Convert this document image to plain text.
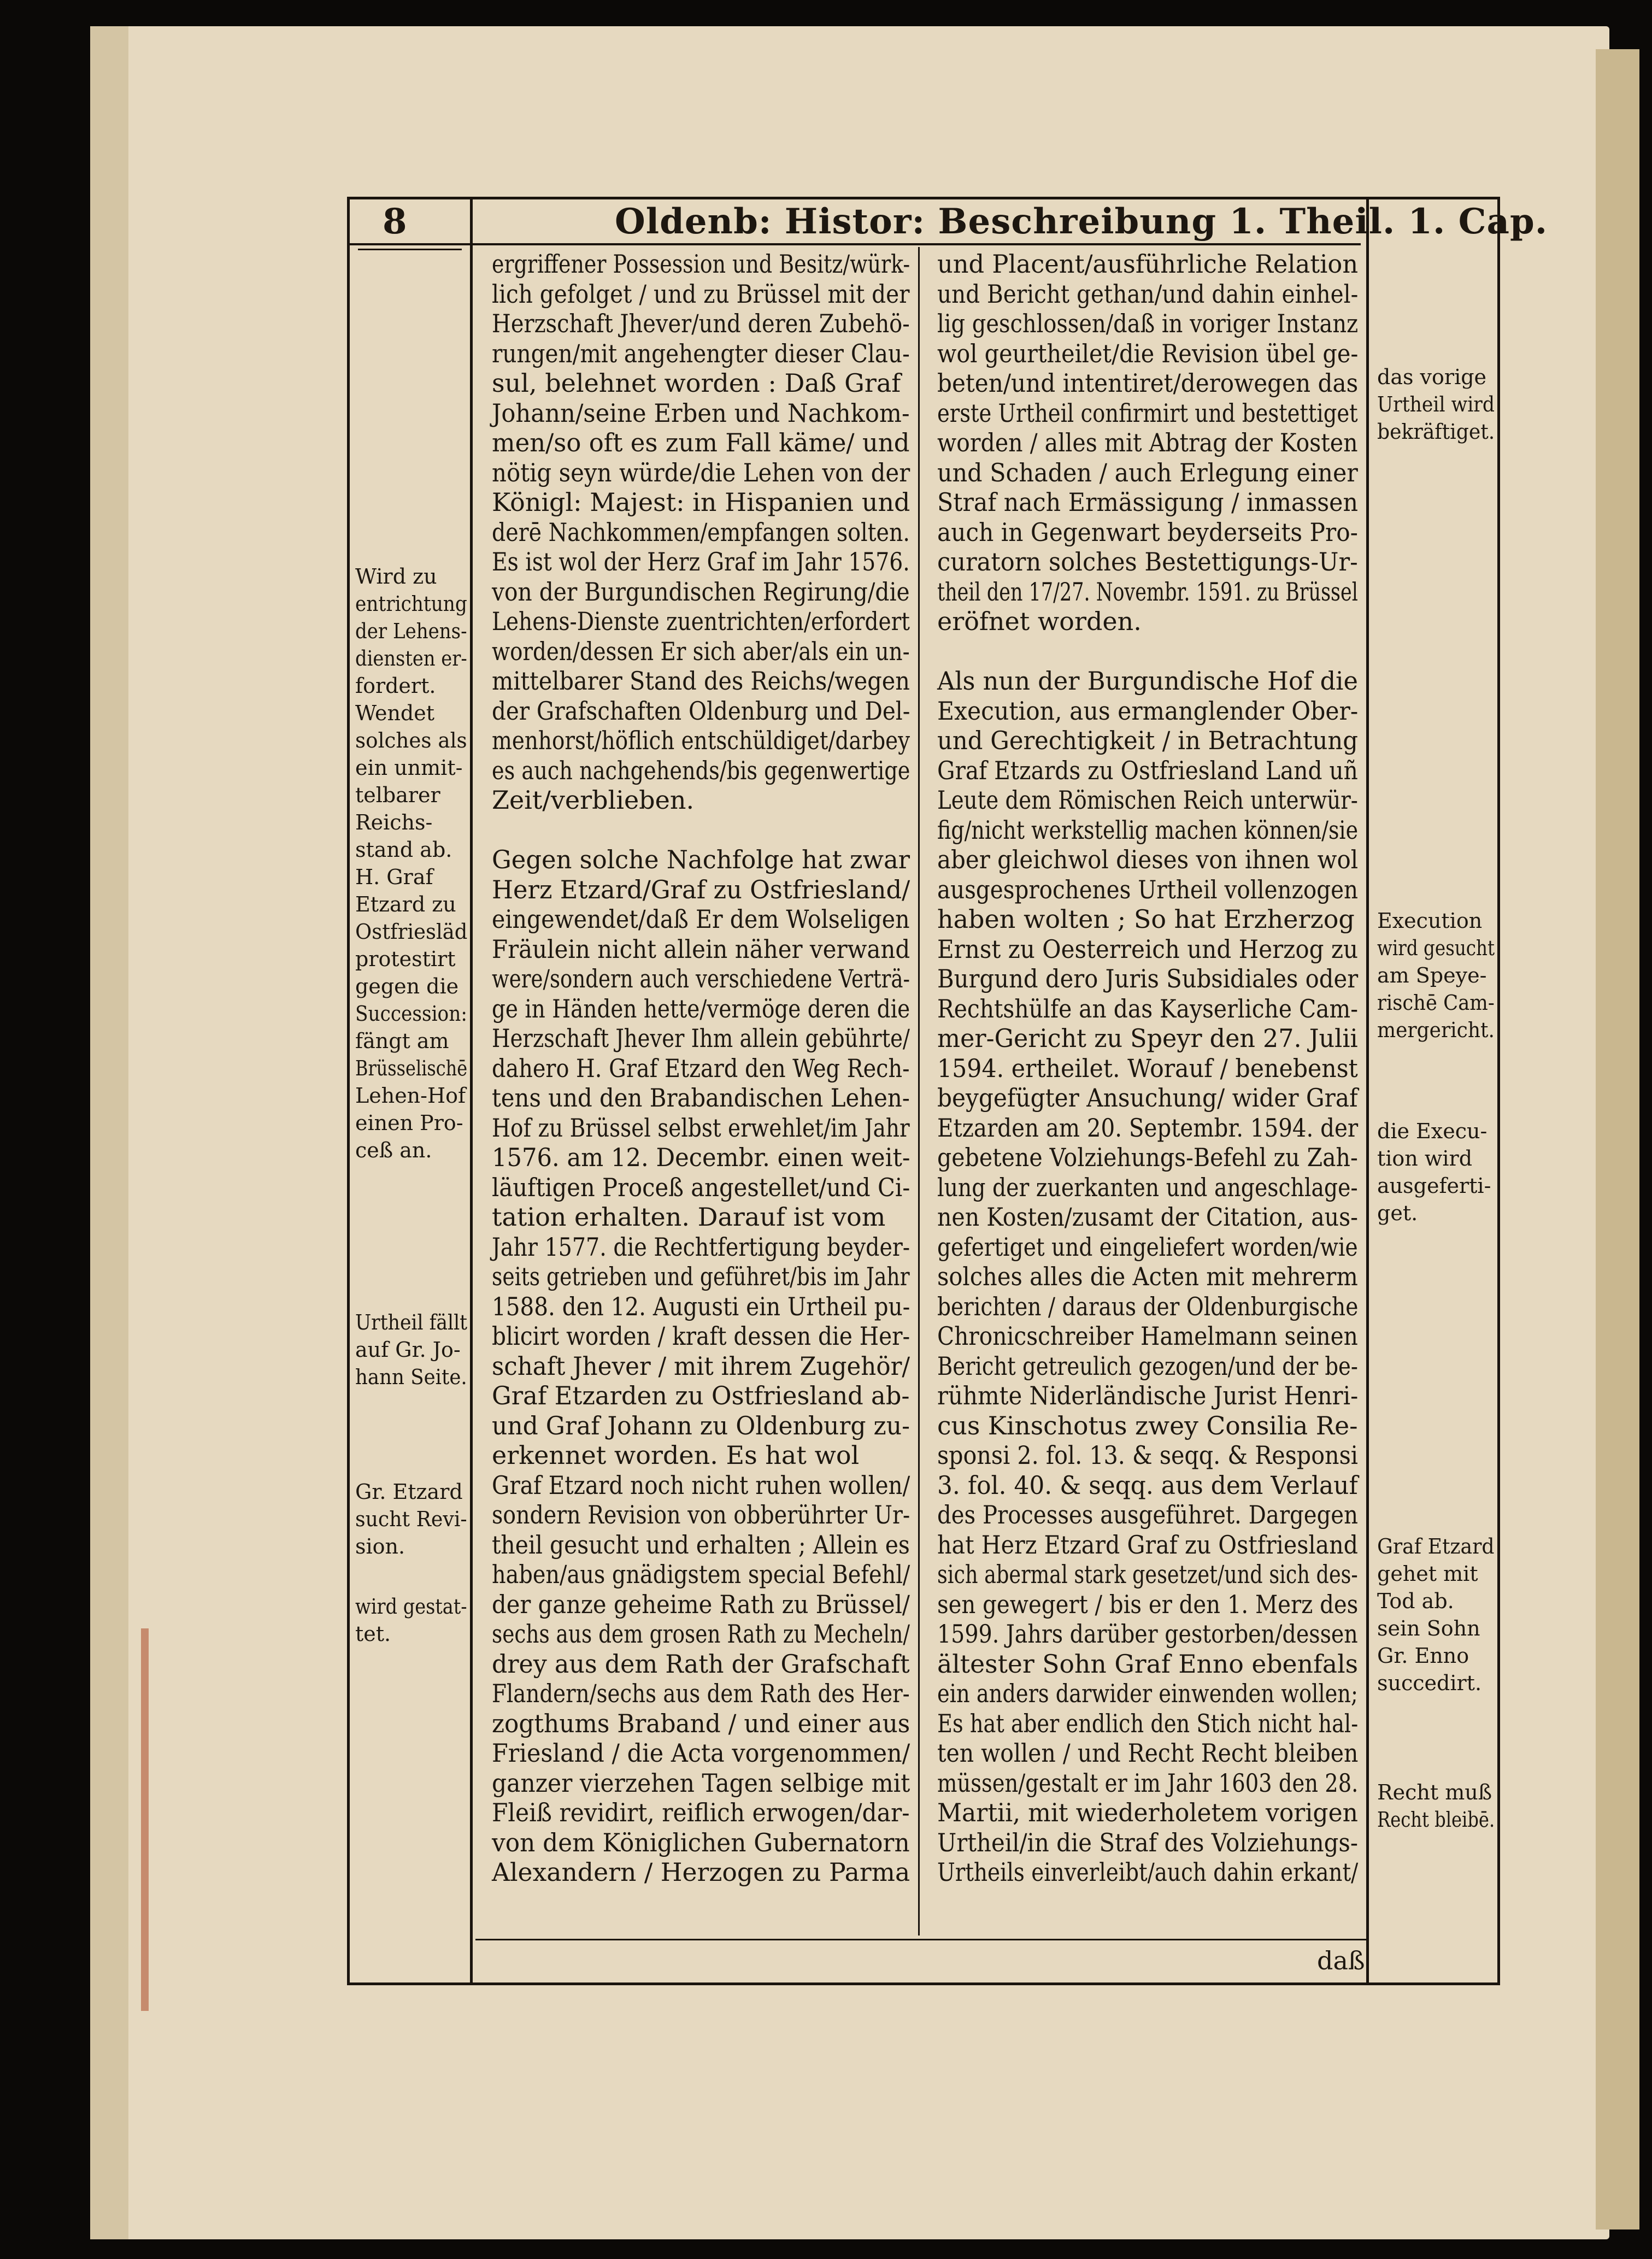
8	Oldenb: Histor: Beschreibung 1. Theil. 1. Cap.
ergriffener Possession und Besitz/würk-
lich gefolget / und zu Brüssel mit der
Herzschaft Jhever/und deren Zubehö-
rungen/mit angehengter dieser Clau-
sul, belehnet worden : Daß Graf
Johann/seine Erben und Nachkom-
men/so oft es zum Fall käme/ und
nötig seyn würde/die Lehen von der
Königl: Majest: in Hispanien und
derē Nachkommen/empfangen solten.
Es ist wol der Herz Graf im Jahr 1576.
von der Burgundischen Regirung/die
Lehens-Dienste zuentrichten/erfordert
worden/dessen Er sich aber/als ein un-
mittelbarer Stand des Reichs/wegen
der Grafschaften Oldenburg und Del-
menhorst/höflich entschüldiget/darbey
es auch nachgehends/bis gegenwertige
Zeit/verblieben.
Gegen solche Nachfolge hat zwar
Herz Etzard/Graf zu Ostfriesland/
eingewendet/daß Er dem Wolseligen
Fräulein nicht allein näher verwand
were/sondern auch verschiedene Verträ-
ge in Händen hette/vermöge deren die
Herzschaft Jhever Ihm allein gebührte/
dahero H. Graf Etzard den Weg Rech-
tens und den Brabandischen Lehen-
Hof zu Brüssel selbst erwehlet/im Jahr
1576. am 12. Decembr. einen weit-
läuftigen Proceß angestellet/und Ci-
tation erhalten. Darauf ist vom
Jahr 1577. die Rechtfertigung beyder-
seits getrieben und geführet/bis im Jahr
1588. den 12. Augusti ein Urtheil pu-
blicirt worden / kraft dessen die Her-
schaft Jhever / mit ihrem Zugehör/
Graf Etzarden zu Ostfriesland ab-
und Graf Johann zu Oldenburg zu-
erkennet worden. Es hat wol
Graf Etzard noch nicht ruhen wollen/
sondern Revision von obberührter Ur-
theil gesucht und erhalten ; Allein es
haben/aus gnädigstem special Befehl/
der ganze geheime Rath zu Brüssel/
sechs aus dem grosen Rath zu Mecheln/
drey aus dem Rath der Grafschaft
Flandern/sechs aus dem Rath des Her-
zogthums Braband / und einer aus
Friesland / die Acta vorgenommen/
ganzer vierzehen Tagen selbige mit
Fleiß revidirt, reiflich erwogen/dar-
von dem Königlichen Gubernatorn
Alexandern / Herzogen zu Parma
und Placent/ausführliche Relation
und Bericht gethan/und dahin einhel-
lig geschlossen/daß in voriger Instanz
wol geurtheilet/die Revision übel ge-
beten/und intentiret/derowegen das
erste Urtheil confirmirt und bestettiget
worden / alles mit Abtrag der Kosten
und Schaden / auch Erlegung einer
Straf nach Ermässigung / inmassen
auch in Gegenwart beyderseits Pro-
curatorn solches Bestettigungs-Ur-
theil den 17/27. Novembr. 1591. zu Brüssel
eröfnet worden.
Als nun der Burgundische Hof die
Execution, aus ermanglender Ober-
und Gerechtigkeit / in Betrachtung
Graf Etzards zu Ostfriesland Land uñ
Leute dem Römischen Reich unterwür-
fig/nicht werkstellig machen können/sie
aber gleichwol dieses von ihnen wol
ausgesprochenes Urtheil vollenzogen
haben wolten ; So hat Erzherzog
Ernst zu Oesterreich und Herzog zu
Burgund dero Juris Subsidiales oder
Rechtshülfe an das Kayserliche Cam-
mer-Gericht zu Speyr den 27. Julii
1594. ertheilet. Worauf / benebenst
beygefügter Ansuchung/ wider Graf
Etzarden am 20. Septembr. 1594. der
gebetene Volziehungs-Befehl zu Zah-
lung der zuerkanten und angeschlage-
nen Kosten/zusamt der Citation, aus-
gefertiget und eingeliefert worden/wie
solches alles die Acten mit mehrerm
berichten / daraus der Oldenburgische
Chronicschreiber Hamelmann seinen
Bericht getreulich gezogen/und der be-
rühmte Niderländische Jurist Henri-
cus Kinschotus zwey Consilia Re-
sponsi 2. fol. 13. & seqq. & Responsi
3. fol. 40. & seqq. aus dem Verlauf
des Processes ausgeführet. Dargegen
hat Herz Etzard Graf zu Ostfriesland
sich abermal stark gesetzet/und sich des-
sen gewegert / bis er den 1. Merz des
1599. Jahrs darüber gestorben/dessen
ältester Sohn Graf Enno ebenfals
ein anders darwider einwenden wollen;
Es hat aber endlich den Stich nicht hal-
ten wollen / und Recht Recht bleiben
müssen/gestalt er im Jahr 1603 den 28.
Martii, mit wiederholetem vorigen
Urtheil/in die Straf des Volziehungs-
Urtheils einverleibt/auch dahin erkant/
Wird zu
entrichtung
der Lehens-
diensten er-
fordert.
Wendet
solches als
ein unmit-
telbarer
Reichs-
stand ab.
H. Graf
Etzard zu
Ostfriesläd
protestirt
gegen die
Succession:
fängt am
Brüsselischē
Lehen-Hof
einen Pro-
ceß an.
Urtheil fällt
auf Gr. Jo-
hann Seite.
Gr. Etzard
sucht Revi-
sion.
wird gestat-
tet.
das vorige
Urtheil wird
bekräftiget.
Execution
wird gesucht
am Speye-
rischē Cam-
mergericht.
die Execu-
tion wird
ausgeferti-
get.
Graf Etzard
gehet mit
Tod ab.
sein Sohn
Gr. Enno
succedirt.
Recht muß
Recht bleibē.
daß
